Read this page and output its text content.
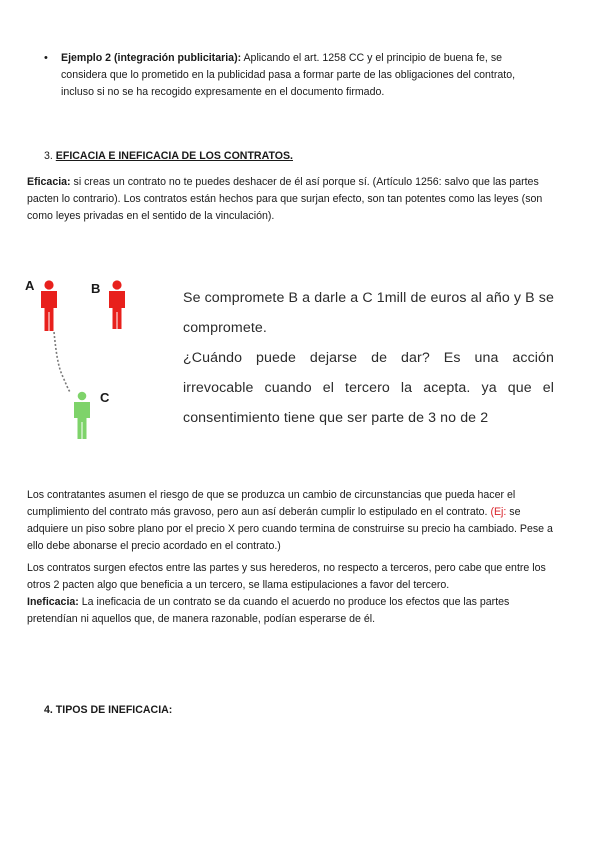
• Ejemplo 2 (integración publicitaria): Aplicando el art. 1258 CC y el principio de buena fe, se considera que lo prometido en la publicidad pasa a formar parte de las obligaciones del contrato, incluso si no se ha recogido expresamente en el documento firmado.
3. EFICACIA E INEFICACIA DE LOS CONTRATOS.
Eficacia: si creas un contrato no te puedes deshacer de él así porque sí. (Artículo 1256: salvo que las partes pacten lo contrario). Los contratos están hechos para que surjan efecto, son tan potentes como las leyes (son como leyes privadas en el sentido de la vinculación).
A	B
C
Se compromete B a darle a C 1mill de euros al año y B se
compromete.
¿Cuándo puede dejarse de dar? Es una acción
irrevocable cuando el tercero la acepta. ya que el
consentimiento tiene que ser parte de 3 no de 2
Los contratantes asumen el riesgo de que se produzca un cambio de circunstancias que pueda hacer el cumplimiento del contrato más gravoso, pero aun así deberán cumplir lo estipulado en el contrato. (Ej: se adquiere un piso sobre plano por el precio X pero cuando termina de construirse su precio ha cambiado. Pese a ello debe abonarse el precio acordado en el contrato.)
Los contratos surgen efectos entre las partes y sus herederos, no respecto a terceros, pero cabe que entre los otros 2 pacten algo que beneficia a un tercero, se llama estipulaciones a favor del tercero.
Ineficacia: La ineficacia de un contrato se da cuando el acuerdo no produce los efectos que las partes pretendían ni aquellos que, de manera razonable, podían esperarse de él.
4. TIPOS DE INEFICACIA:
